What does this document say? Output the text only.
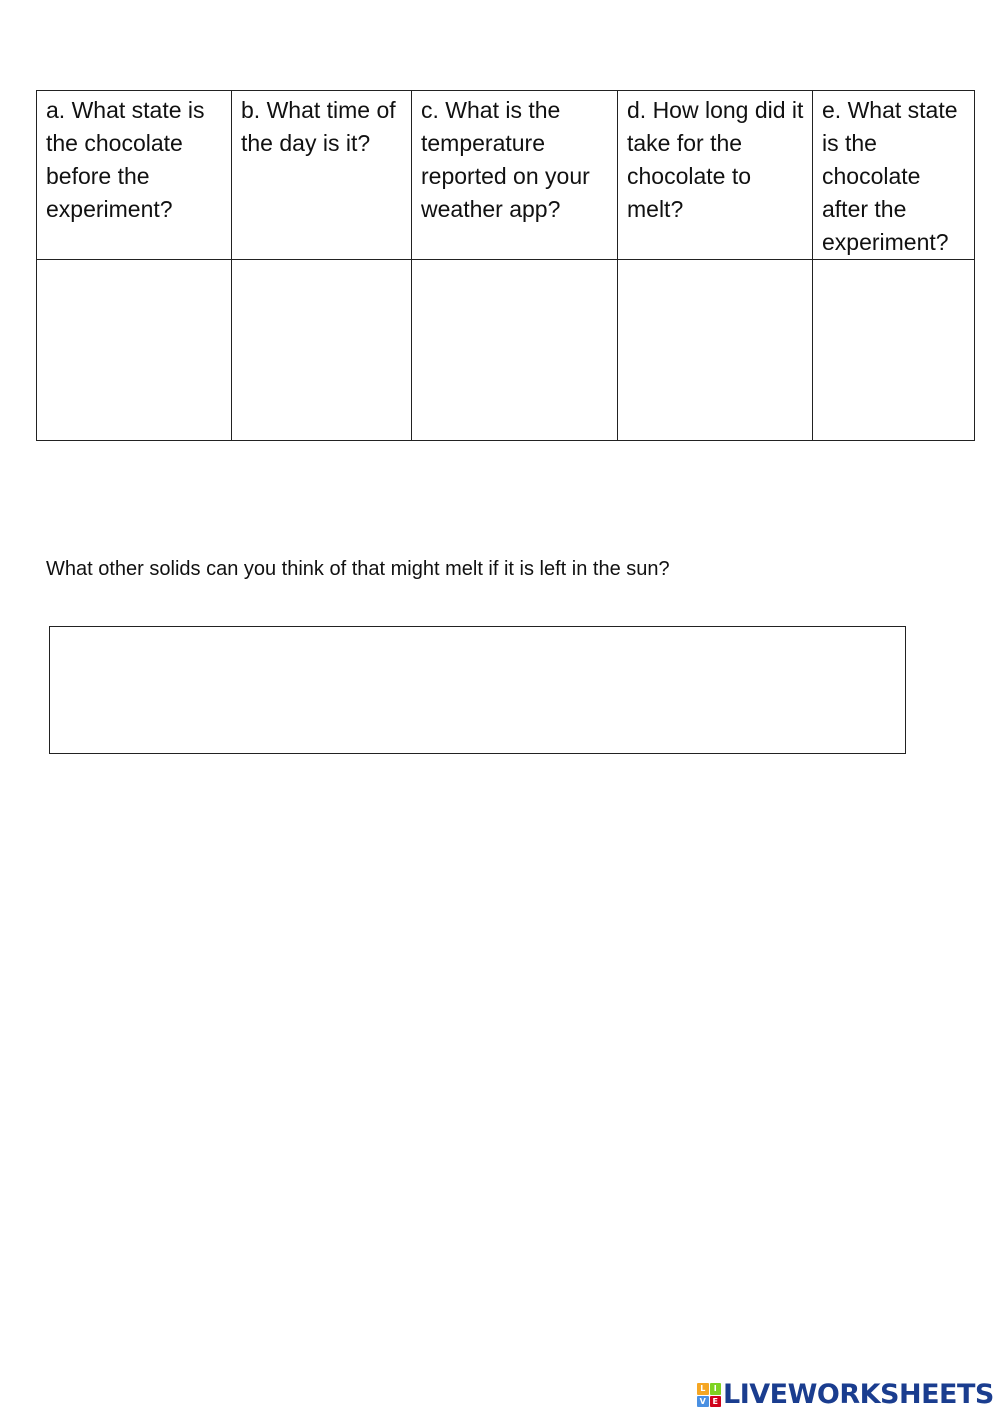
a. What state is the chocolate before the experiment?	b. What time of the day is it?	c. What is the temperature reported on your weather app?	d. How long did it take for the chocolate to melt?	e. What state is the chocolate after the experiment?

What other solids can you think of that might melt if it is left in the sun?

L	I
V E LIVEWORKSHEETS
